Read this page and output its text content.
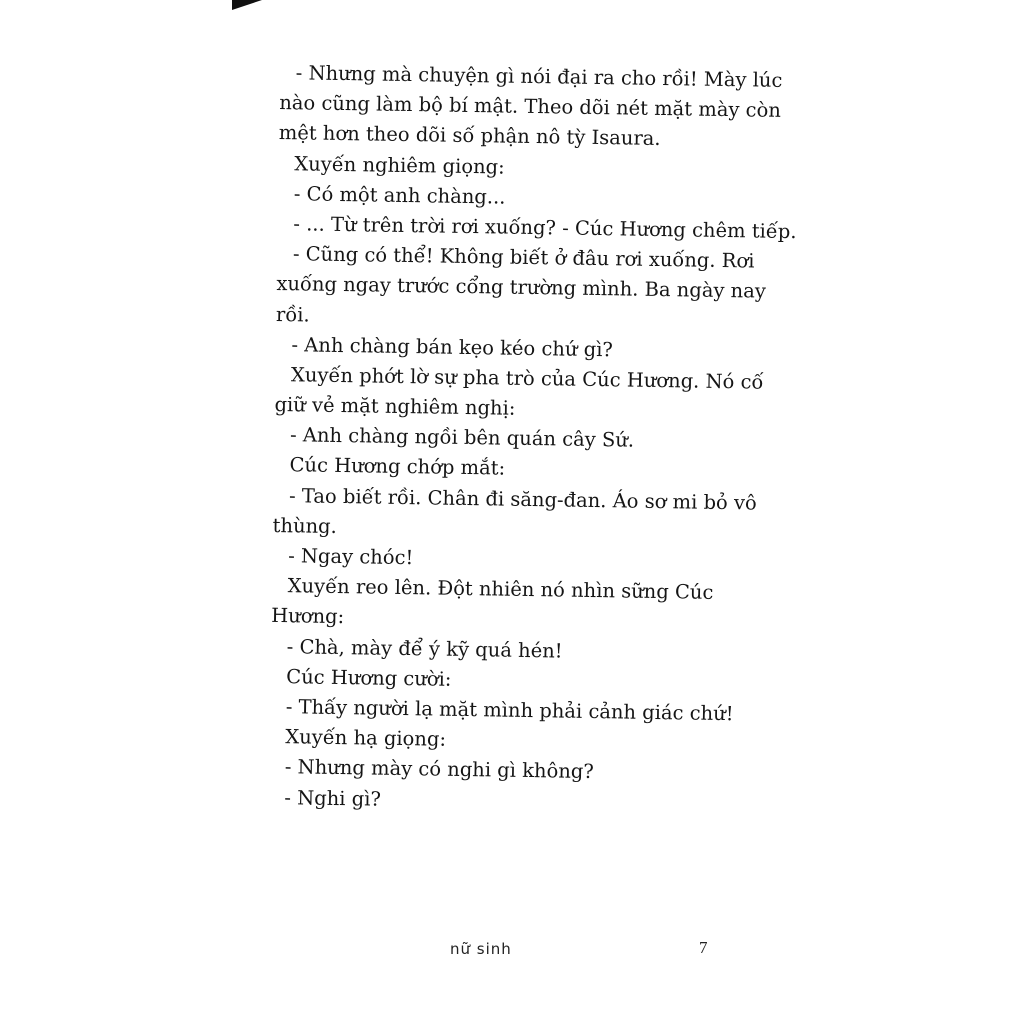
- Nhưng mà chuyện gì nói đại ra cho rồi! Mày lúc
nào cũng làm bộ bí mật. Theo dõi nét mặt mày còn
mệt hơn theo dõi số phận nô tỳ Isaura.
Xuyến nghiêm giọng:
- Có một anh chàng...
- ... Từ trên trời rơi xuống? - Cúc Hương chêm tiếp.
- Cũng có thể! Không biết ở đâu rơi xuống. Rơi
xuống ngay trước cổng trường mình. Ba ngày nay
rồi.
- Anh chàng bán kẹo kéo chứ gì?
Xuyến phớt lờ sự pha trò của Cúc Hương. Nó cố
giữ vẻ mặt nghiêm nghị:
- Anh chàng ngồi bên quán cây Sứ.
Cúc Hương chớp mắt:
- Tao biết rồi. Chân đi săng-đan. Áo sơ mi bỏ vô
thùng.
- Ngay chóc!
Xuyến reo lên. Đột nhiên nó nhìn sững Cúc
Hương:
- Chà, mày để ý kỹ quá hén!
Cúc Hương cười:
- Thấy người lạ mặt mình phải cảnh giác chứ!
Xuyến hạ giọng:
- Nhưng mày có nghi gì không?
- Nghi gì?
nữ sinh	7
